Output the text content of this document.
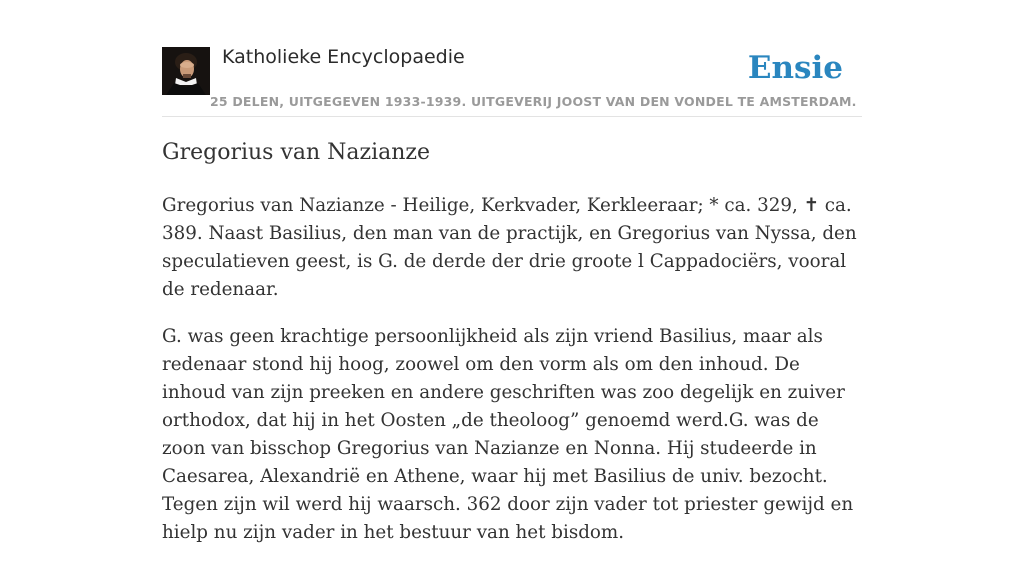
Katholieke Encyclopaedie
25 DELEN, UITGEGEVEN 1933-1939. UITGEVERIJ JOOST VAN DEN VONDEL TE AMSTERDAM.
Ensie
Gregorius van Nazianze

Gregorius van Nazianze - Heilige, Kerkvader, Kerkleeraar; * ca. 329, ✝ ca. 389. Naast Basilius, den man van de practijk, en Gregorius van Nyssa, den speculatieven geest, is G. de derde der drie groote l Cappadociërs, vooral de redenaar.

G. was geen krachtige persoonlijkheid als zijn vriend Basilius, maar als redenaar stond hij hoog, zoowel om den vorm als om den inhoud. De inhoud van zijn preeken en andere geschriften was zoo degelijk en zuiver orthodox, dat hij in het Oosten „de theoloog” genoemd werd.G. was de zoon van bisschop Gregorius van Nazianze en Nonna. Hij studeerde in Caesarea, Alexandrië en Athene, waar hij met Basilius de univ. bezocht. Tegen zijn wil werd hij waarsch. 362 door zijn vader tot priester gewijd en hielp nu zijn vader in het bestuur van het bisdom.
